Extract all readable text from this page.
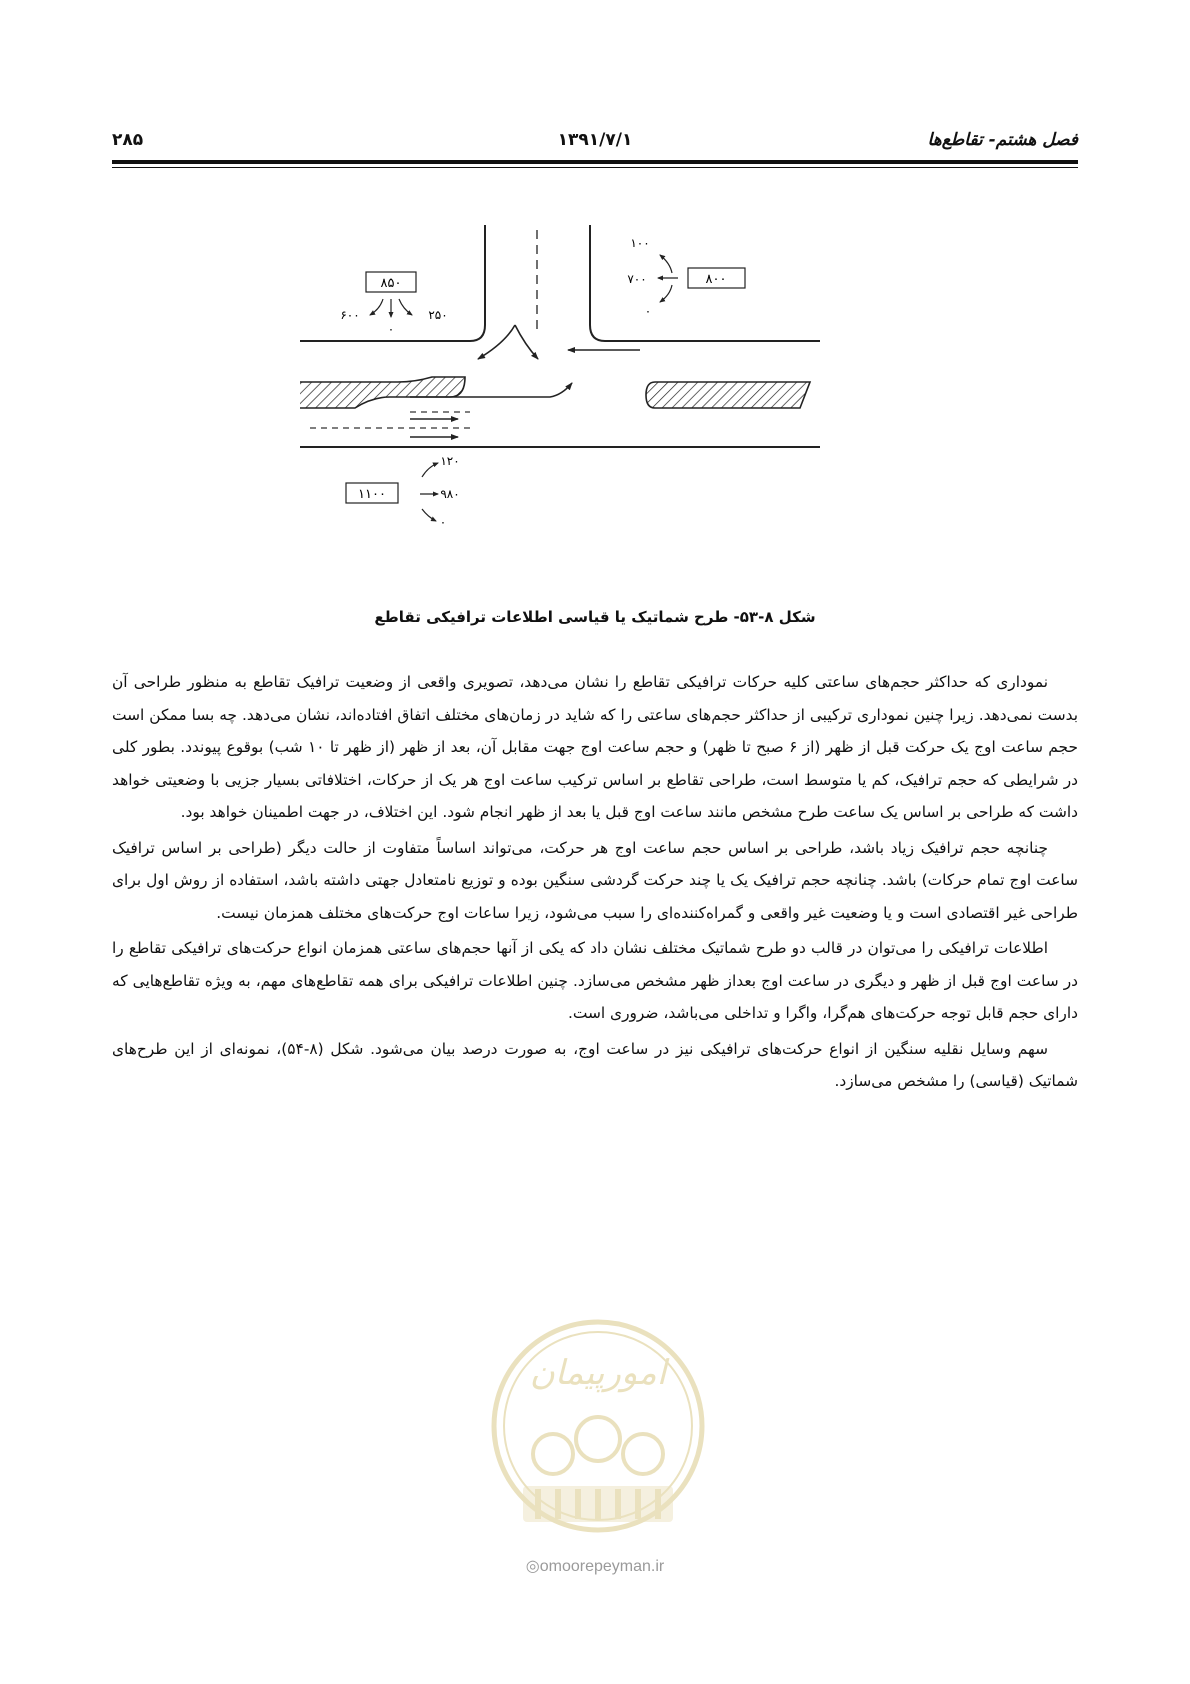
فصل هشتم- تقاطع‌ها
۱۳۹۱/۷/۱
۲۸۵
۸۵۰
۶۰۰	۲۵۰
۰
۸۰۰
۱۰۰
۷۰۰
۰
۱۱۰۰
۱۲۰
۹۸۰
۰
شکل ۸-۵۳- طرح شماتیک یا قیاسی اطلاعات ترافیکی تقاطع

نموداری که حداکثر حجم‌های ساعتی کلیه حرکات ترافیکی تقاطع را نشان می‌دهد، تصویری واقعی از وضعیت ترافیک تقاطع به منظور طراحی آن بدست نمی‌دهد. زیرا چنین نموداری ترکیبی از حداکثر حجم‌های ساعتی را که شاید در زمان‌های مختلف اتفاق افتاده‌اند، نشان می‌دهد. چه بسا ممکن است حجم ساعت اوج یک حرکت قبل از ظهر (از ۶ صبح تا ظهر) و حجم ساعت اوج جهت مقابل آن، بعد از ظهر (از ظهر تا ۱۰ شب) بوقوع پیوندد. بطور کلی در شرایطی که حجم ترافیک، کم یا متوسط است، طراحی تقاطع بر اساس ترکیب ساعت اوج هر یک از حرکات، اختلافاتی بسیار جزیی با وضعیتی خواهد داشت که طراحی بر اساس یک ساعت طرح مشخص مانند ساعت اوج قبل یا بعد از ظهر انجام شود. این اختلاف، در جهت اطمینان خواهد بود.

چنانچه حجم ترافیک زیاد باشد، طراحی بر اساس حجم ساعت اوج هر حرکت، می‌تواند اساساً متفاوت از حالت دیگر (طراحی بر اساس ترافیک ساعت اوج تمام حرکات) باشد. چنانچه حجم ترافیک یک یا چند حرکت گردشی سنگین بوده و توزیع نامتعادل جهتی داشته باشد، استفاده از روش اول برای طراحی غیر اقتصادی است و یا وضعیت غیر واقعی و گمراه‌کننده‌ای را سبب می‌شود، زیرا ساعات اوج حرکت‌های مختلف همزمان نیست.

اطلاعات ترافیکی را می‌توان در قالب دو طرح شماتیک مختلف نشان داد که یکی از آنها حجم‌های ساعتی همزمان انواع حرکت‌های ترافیکی تقاطع را در ساعت اوج قبل از ظهر و دیگری در ساعت اوج بعداز ظهر مشخص می‌سازد. چنین اطلاعات ترافیکی برای همه تقاطع‌های مهم، به ویژه تقاطع‌هایی که دارای حجم قابل توجه حرکت‌های هم‌گرا، واگرا و تداخلی می‌باشد، ضروری است.

سهم وسایل نقلیه سنگین از انواع حرکت‌های ترافیکی نیز در ساعت اوج، به صورت درصد بیان می‌شود. شکل (۸-۵۴)، نمونه‌ای از این طرح‌های شماتیک (قیاسی) را مشخص می‌سازد.

امورپیمان
◎omoorepeyman.ir
